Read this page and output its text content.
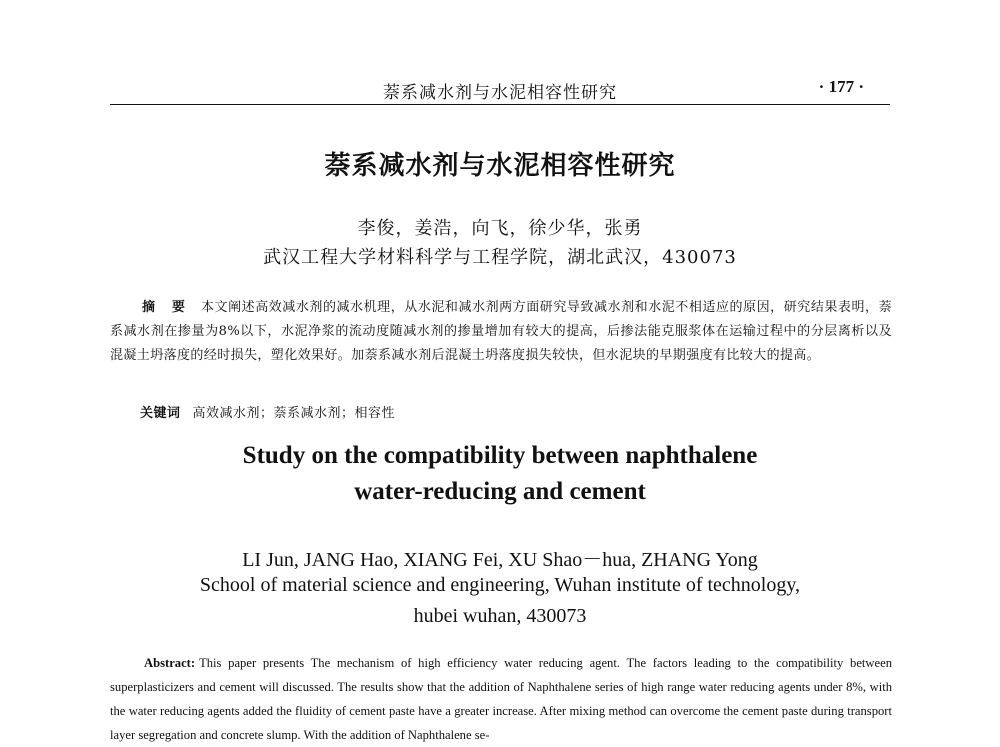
萘系减水剂与水泥相容性研究	· 177 ·
萘系减水剂与水泥相容性研究
李俊，姜浩，向飞，徐少华，张勇
武汉工程大学材料科学与工程学院，湖北武汉，430073
摘 要 本文阐述高效减水剂的减水机理，从水泥和减水剂两方面研究导致减水剂和水泥不相适应的原因，研究结果表明，萘系减水剂在掺量为8%以下，水泥净浆的流动度随减水剂的掺量增加有较大的提高，后掺法能克服浆体在运输过程中的分层离析以及混凝土坍落度的经时损失，塑化效果好。加萘系减水剂后混凝土坍落度损失较快，但水泥块的早期强度有比较大的提高。
关键词 高效减水剂；萘系减水剂；相容性
Study on the compatibility between naphthalene
water-reducing and cement
LI Jun, JANG Hao, XIANG Fei, XU Shao－hua, ZHANG Yong
School of material science and engineering, Wuhan institute of technology,
hubei wuhan, 430073
Abstract: This paper presents The mechanism of high efficiency water reducing agent. The factors leading to the compatibility between superplasticizers and cement will discussed. The results show that the addition of Naphthalene series of high range water reducing agents under 8%, with the water reducing agents added the fluidity of cement paste have a greater increase. After mixing method can overcome the cement paste during transport layer segregation and concrete slump. With the addition of Naphthalene se-
